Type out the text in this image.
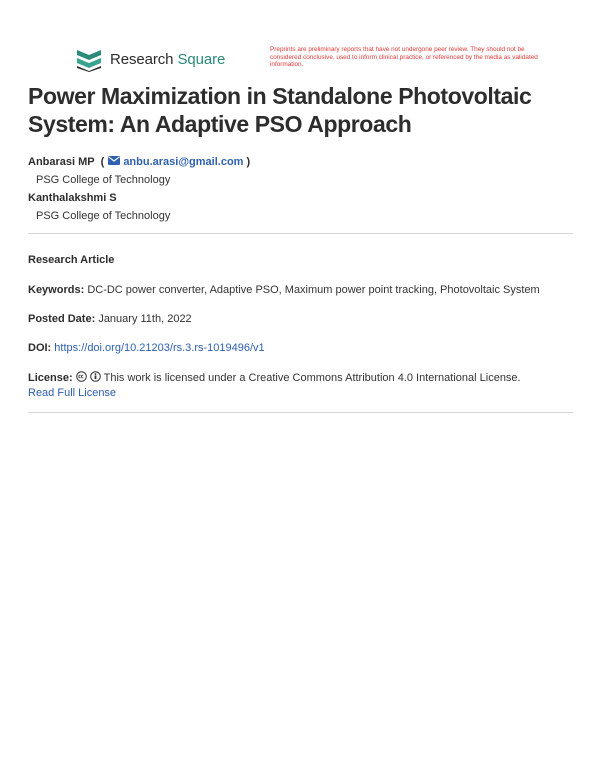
Research Square
Preprints are preliminary reports that have not undergone peer review. They should not be considered conclusive, used to inform clinical practice, or referenced by the media as validated information.
Power Maximization in Standalone Photovoltaic System: An Adaptive PSO Approach
Anbarasi MP (	anbu.arasi@gmail.com )
PSG College of Technology
Kanthalakshmi S
PSG College of Technology
Research Article
Keywords: DC-DC power converter, Adaptive PSO, Maximum power point tracking, Photovoltaic System
Posted Date: January 11th, 2022
DOI: https://doi.org/10.21203/rs.3.rs-1019496/v1
License:	This work is licensed under a Creative Commons Attribution 4.0 International License.
Read Full License
